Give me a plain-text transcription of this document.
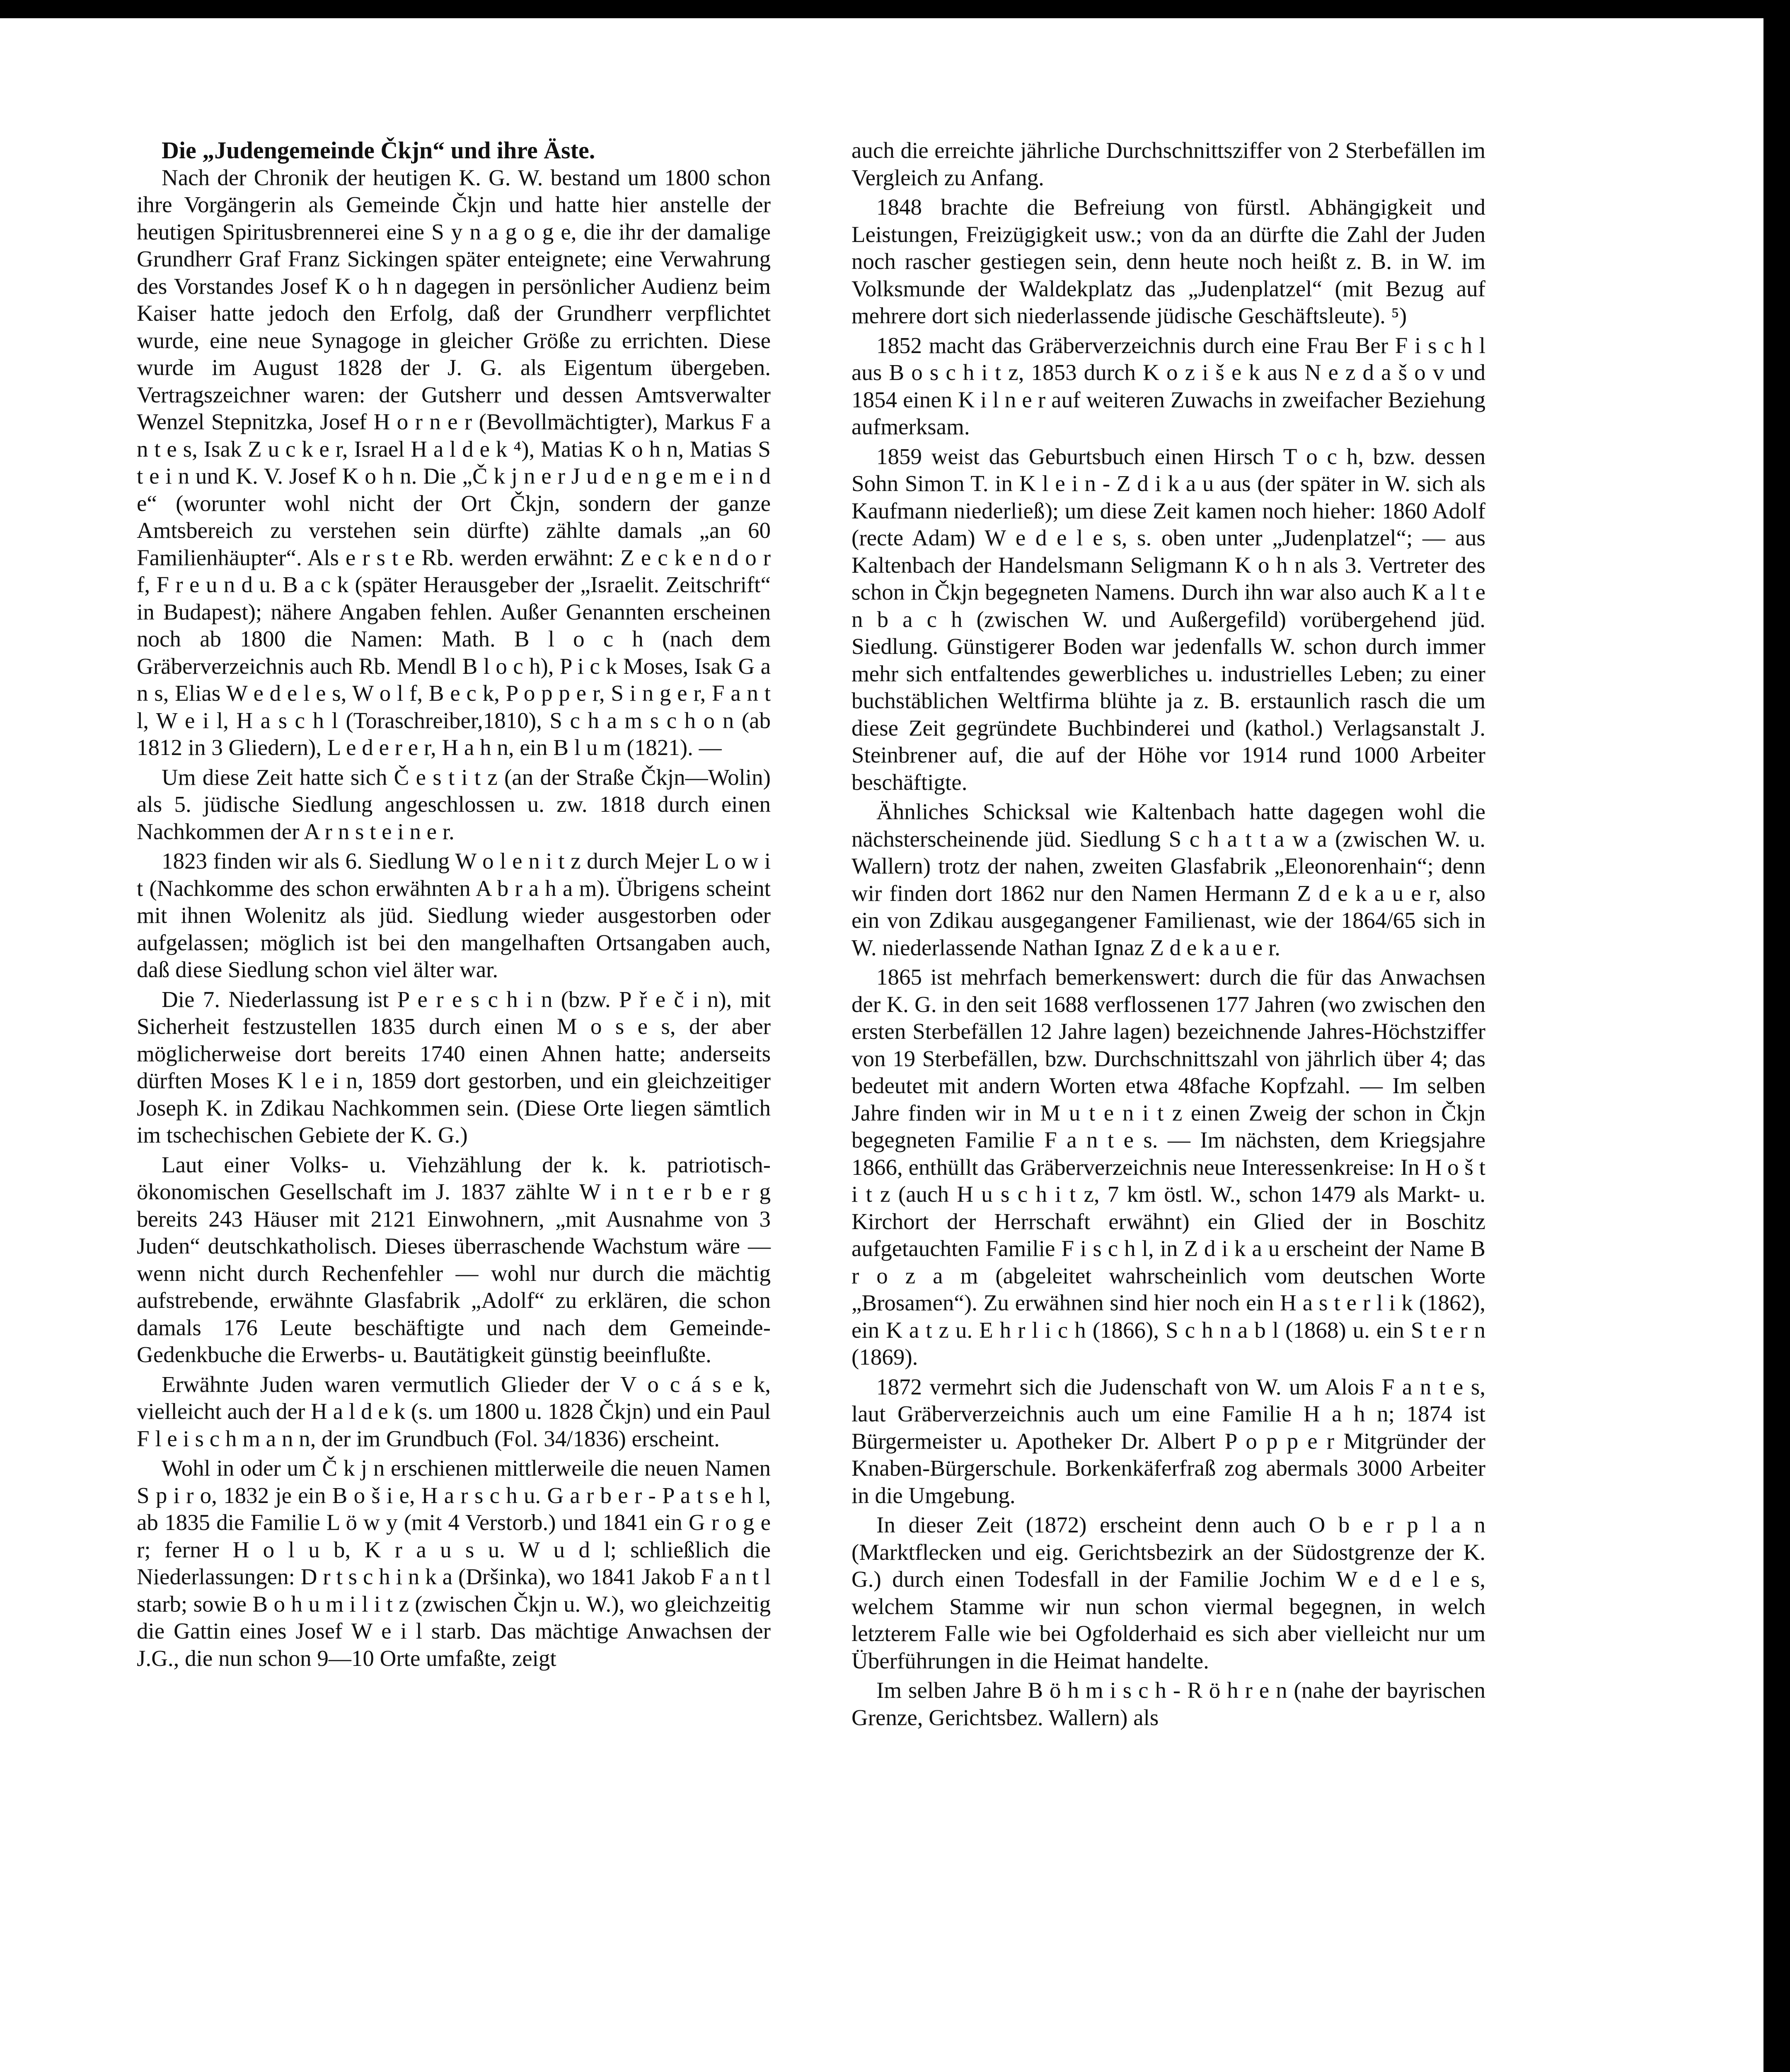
Die „Judengemeinde Čkjn“ und ihre Äste.

Nach der Chronik der heutigen K. G. W. bestand um 1800 schon ihre Vorgängerin als Gemeinde Čkjn und hatte hier anstelle der heutigen Spiritusbrennerei eine S y n a g o g e, die ihr der damalige Grundherr Graf Franz Sickingen später enteignete; eine Verwahrung des Vorstandes Josef K o h n dagegen in persönlicher Audienz beim Kaiser hatte jedoch den Erfolg, daß der Grundherr verpflichtet wurde, eine neue Synagoge in gleicher Größe zu errichten. Diese wurde im August 1828 der J. G. als Eigentum übergeben. Vertragszeichner waren: der Gutsherr und dessen Amtsverwalter Wenzel Stepnitzka, Josef H o r n e r (Bevollmächtigter), Markus F a n t e s, Isak Z u c k e r, Israel H a l d e k ⁴), Matias K o h n, Matias S t e i n und K. V. Josef K o h n. Die „Č k j n e r J u d e n g e m e i n d e“ (worunter wohl nicht der Ort Čkjn, sondern der ganze Amtsbereich zu verstehen sein dürfte) zählte damals „an 60 Familienhäupter“. Als e r s t e Rb. werden erwähnt: Z e c k e n d o r f, F r e u n d u. B a c k (später Herausgeber der „Israelit. Zeitschrift“ in Budapest); nähere Angaben fehlen. Außer Genannten erscheinen noch ab 1800 die Namen: Math. B l o c h (nach dem Gräberverzeichnis auch Rb. Mendl B l o c h), P i c k Moses, Isak G a n s, Elias W e d e l e s, W o l f, B e c k, P o p p e r, S i n g e r, F a n t l, W e i l, H a s c h l (Toraschreiber,1810), S c h a m s c h o n (ab 1812 in 3 Gliedern), L e d e r e r, H a h n, ein B l u m (1821). —

Um diese Zeit hatte sich Č e s t i t z (an der Straße Čkjn—Wolin) als 5. jüdische Siedlung angeschlossen u. zw. 1818 durch einen Nachkommen der A r n s t e i n e r.

1823 finden wir als 6. Siedlung W o l e n i t z durch Mejer L o w i t (Nachkomme des schon erwähnten A b r a h a m). Übrigens scheint mit ihnen Wolenitz als jüd. Siedlung wieder ausgestorben oder aufgelassen; möglich ist bei den mangelhaften Ortsangaben auch, daß diese Siedlung schon viel älter war.

Die 7. Niederlassung ist P e r e s c h i n (bzw. P ř e č i n), mit Sicherheit festzustellen 1835 durch einen M o s e s, der aber möglicherweise dort bereits 1740 einen Ahnen hatte; anderseits dürften Moses K l e i n, 1859 dort gestorben, und ein gleichzeitiger Joseph K. in Zdikau Nachkommen sein. (Diese Orte liegen sämtlich im tschechischen Gebiete der K. G.)

Laut einer Volks- u. Viehzählung der k. k. patriotisch-ökonomischen Gesellschaft im J. 1837 zählte W i n t e r b e r g bereits 243 Häuser mit 2121 Einwohnern, „mit Ausnahme von 3 Juden“ deutschkatholisch. Dieses überraschende Wachstum wäre — wenn nicht durch Rechenfehler — wohl nur durch die mächtig aufstrebende, erwähnte Glasfabrik „Adolf“ zu erklären, die schon damals 176 Leute beschäftigte und nach dem Gemeinde-Gedenkbuche die Erwerbs- u. Bautätigkeit günstig beeinflußte.

Erwähnte Juden waren vermutlich Glieder der V o c á s e k, vielleicht auch der H a l d e k (s. um 1800 u. 1828 Čkjn) und ein Paul F l e i s c h m a n n, der im Grundbuch (Fol. 34/1836) erscheint.

Wohl in oder um Č k j n erschienen mittlerweile die neuen Namen S p i r o, 1832 je ein B o š i e, H a r s c h u. G a r b e r - P a t s e h l, ab 1835 die Familie L ö w y (mit 4 Verstorb.) und 1841 ein G r o g e r; ferner H o l u b, K r a u s u. W u d l; schließlich die Niederlassungen: D r t s c h i n k a (Dršinka), wo 1841 Jakob F a n t l starb; sowie B o h u m i l i t z (zwischen Čkjn u. W.), wo gleichzeitig die Gattin eines Josef W e i l starb. Das mächtige Anwachsen der J.G., die nun schon 9—10 Orte umfaßte, zeigt

auch die erreichte jährliche Durchschnittsziffer von 2 Sterbefällen im Vergleich zu Anfang.

1848 brachte die Befreiung von fürstl. Abhängigkeit und Leistungen, Freizügigkeit usw.; von da an dürfte die Zahl der Juden noch rascher gestiegen sein, denn heute noch heißt z. B. in W. im Volksmunde der Waldekplatz das „Judenplatzel“ (mit Bezug auf mehrere dort sich niederlassende jüdische Geschäftsleute). ⁵)

1852 macht das Gräberverzeichnis durch eine Frau Ber F i s c h l aus B o s c h i t z, 1853 durch K o z i š e k aus N e z d a š o v und 1854 einen K i l n e r auf weiteren Zuwachs in zweifacher Beziehung aufmerksam.

1859 weist das Geburtsbuch einen Hirsch T o c h, bzw. dessen Sohn Simon T. in K l e i n - Z d i k a u aus (der später in W. sich als Kaufmann niederließ); um diese Zeit kamen noch hieher: 1860 Adolf (recte Adam) W e d e l e s, s. oben unter „Judenplatzel“; — aus Kaltenbach der Handelsmann Seligmann K o h n als 3. Vertreter des schon in Čkjn begegneten Namens. Durch ihn war also auch K a l t e n b a c h (zwischen W. und Außergefild) vorübergehend jüd. Siedlung. Günstigerer Boden war jedenfalls W. schon durch immer mehr sich entfaltendes gewerbliches u. industrielles Leben; zu einer buchstäblichen Weltfirma blühte ja z. B. erstaunlich rasch die um diese Zeit gegründete Buchbinderei und (kathol.) Verlagsanstalt J. Steinbrener auf, die auf der Höhe vor 1914 rund 1000 Arbeiter beschäftigte.

Ähnliches Schicksal wie Kaltenbach hatte dagegen wohl die nächsterscheinende jüd. Siedlung S c h a t t a w a (zwischen W. u. Wallern) trotz der nahen, zweiten Glasfabrik „Eleonorenhain“; denn wir finden dort 1862 nur den Namen Hermann Z d e k a u e r, also ein von Zdikau ausgegangener Familienast, wie der 1864/65 sich in W. niederlassende Nathan Ignaz Z d e k a u e r.

1865 ist mehrfach bemerkenswert: durch die für das Anwachsen der K. G. in den seit 1688 verflossenen 177 Jahren (wo zwischen den ersten Sterbefällen 12 Jahre lagen) bezeichnende Jahres-Höchstziffer von 19 Sterbefällen, bzw. Durchschnittszahl von jährlich über 4; das bedeutet mit andern Worten etwa 48fache Kopfzahl. — Im selben Jahre finden wir in M u t e n i t z einen Zweig der schon in Čkjn begegneten Familie F a n t e s. — Im nächsten, dem Kriegsjahre 1866, enthüllt das Gräberverzeichnis neue Interessenkreise: In H o š t i t z (auch H u s c h i t z, 7 km östl. W., schon 1479 als Markt- u. Kirchort der Herrschaft erwähnt) ein Glied der in Boschitz aufgetauchten Familie F i s c h l, in Z d i k a u erscheint der Name B r o z a m (abgeleitet wahrscheinlich vom deutschen Worte „Brosamen“). Zu erwähnen sind hier noch ein H a s t e r l i k (1862), ein K a t z u. E h r l i c h (1866), S c h n a b l (1868) u. ein S t e r n (1869).

1872 vermehrt sich die Judenschaft von W. um Alois F a n t e s, laut Gräberverzeichnis auch um eine Familie H a h n; 1874 ist Bürgermeister u. Apotheker Dr. Albert P o p p e r Mitgründer der Knaben-Bürgerschule. Borkenkäferfraß zog abermals 3000 Arbeiter in die Umgebung.

In dieser Zeit (1872) erscheint denn auch O b e r p l a n (Marktflecken und eig. Gerichtsbezirk an der Südostgrenze der K. G.) durch einen Todesfall in der Familie Jochim W e d e l e s, welchem Stamme wir nun schon viermal begegnen, in welch letzterem Falle wie bei Ogfolderhaid es sich aber vielleicht nur um Überführungen in die Heimat handelte.

Im selben Jahre B ö h m i s c h - R ö h r e n (nahe der bayrischen Grenze, Gerichtsbez. Wallern) als
